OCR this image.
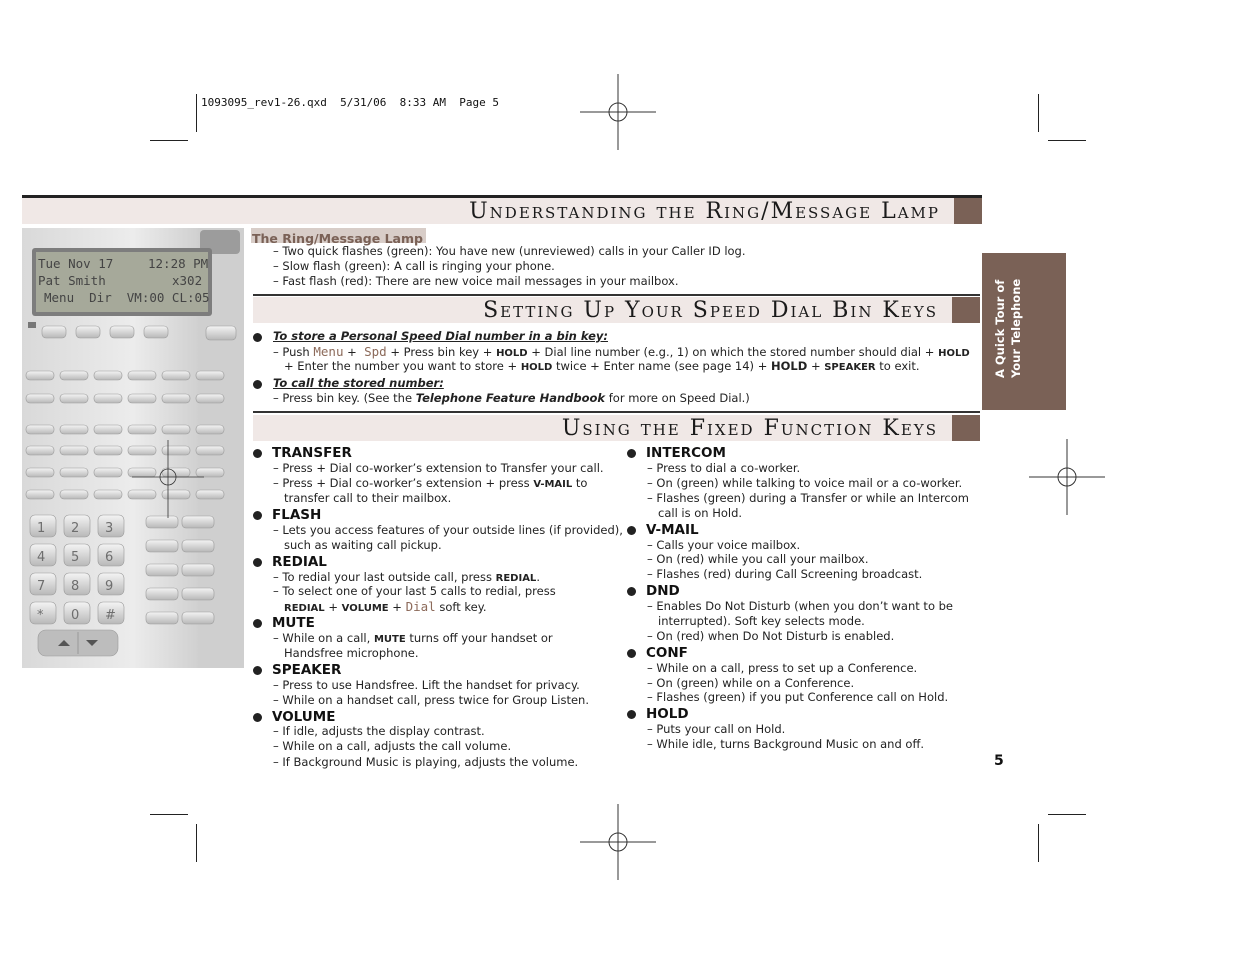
1093095_rev1-26.qxd  5/31/06  8:33 AM  Page 5
1 2 3
4 5 6
7 8 9
* 0 #
Tue Nov 17	12:28 PM
Pat Smith	x302
Menu  Dir  VM:00 CL:05
Understanding the Ring/Message Lamp
The Ring/Message Lamp
– Two quick flashes (green): You have new (unreviewed) calls in your Caller ID log.
– Slow flash (green): A call is ringing your phone.
– Fast flash (red): There are new voice mail messages in your mailbox.
Setting Up Your Speed Dial Bin Keys
To store a Personal Speed Dial number in a bin key:
– Push Menu + Spd + Press bin key + HOLD + Dial line number (e.g., 1) on which the stored number should dial + HOLD
+ Enter the number you want to store + HOLD twice + Enter name (see page 14) + HOLD + SPEAKER to exit.
To call the stored number:
– Press bin key. (See the Telephone Feature Handbook for more on Speed Dial.)
Using the Fixed Function Keys
TRANSFER
– Press + Dial co-worker’s extension to Transfer your call.
– Press + Dial co-worker’s extension + press V-MAIL to
transfer call to their mailbox.
FLASH
– Lets you access features of your outside lines (if provided),
such as waiting call pickup.
REDIAL
– To redial your last outside call, press REDIAL.
– To select one of your last 5 calls to redial, press
REDIAL + VOLUME + Dial soft key.
MUTE
– While on a call, MUTE turns off your handset or
Handsfree microphone.
SPEAKER
– Press to use Handsfree. Lift the handset for privacy.
– While on a handset call, press twice for Group Listen.
VOLUME
– If idle, adjusts the display contrast.
– While on a call, adjusts the call volume.
– If Background Music is playing, adjusts the volume.
INTERCOM
– Press to dial a co-worker.
– On (green) while talking to voice mail or a co-worker.
– Flashes (green) during a Transfer or while an Intercom
call is on Hold.
V-MAIL
– Calls your voice mailbox.
– On (red) while you call your mailbox.
– Flashes (red) during Call Screening broadcast.
DND
– Enables Do Not Disturb (when you don’t want to be
interrupted). Soft key selects mode.
– On (red) when Do Not Disturb is enabled.
CONF
– While on a call, press to set up a Conference.
– On (green) while on a Conference.
– Flashes (green) if you put Conference call on Hold.
HOLD
– Puts your call on Hold.
– While idle, turns Background Music on and off.
A Quick Tour of Your Telephone
5
